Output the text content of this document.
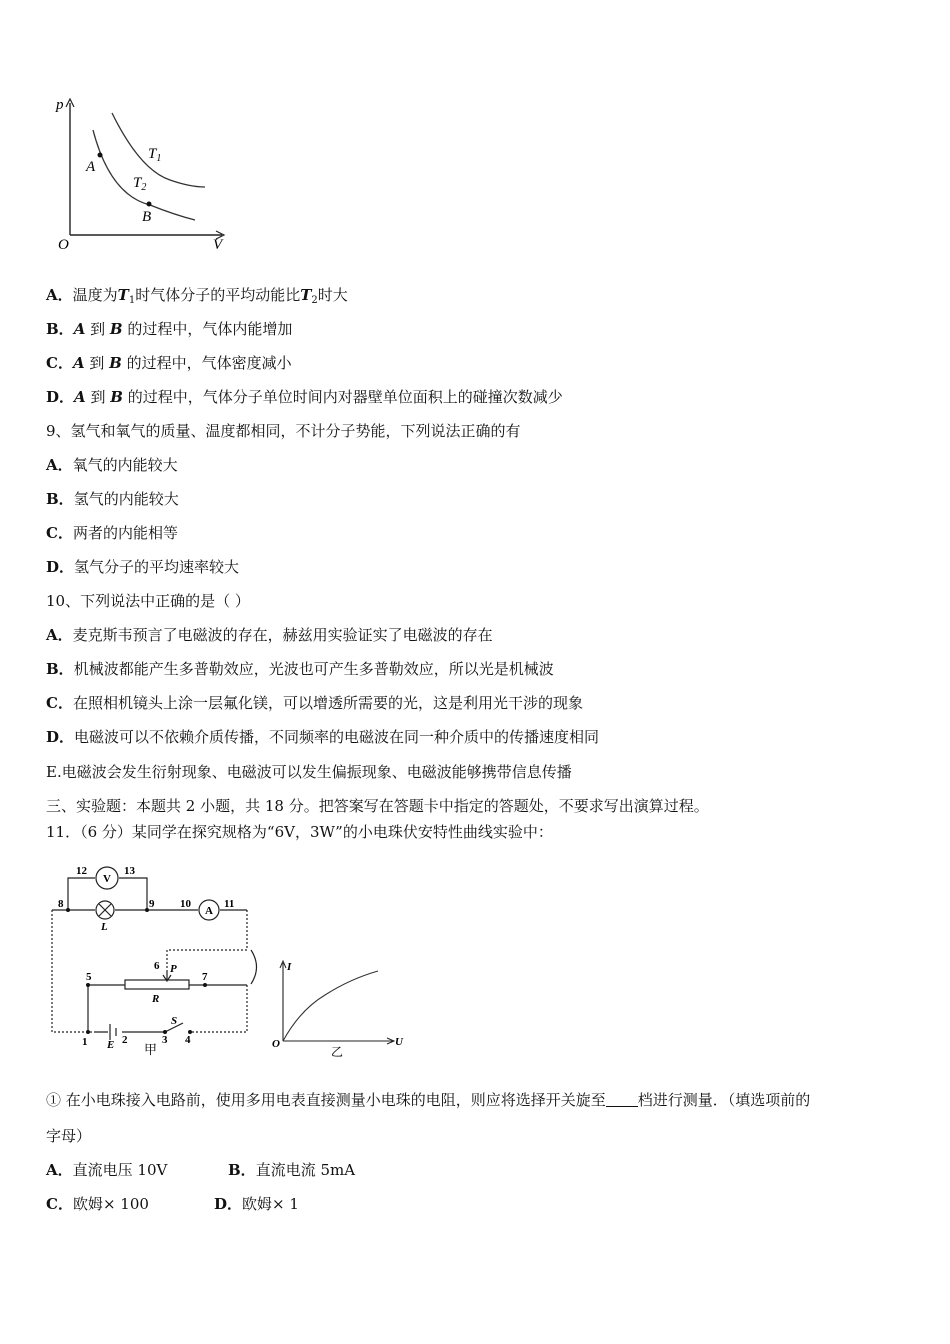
p
V
O
A
B
$T_1$
$T_2$
A．温度为$T_1$时气体分子的平均动能比$T_2$时大
B．A 到 B 的过程中，气体内能增加
C．A 到 B 的过程中，气体密度减小
D．A 到 B 的过程中，气体分子单位时间内对器壁单位面积上的碰撞次数减少
9、氢气和氧气的质量、温度都相同，不计分子势能，下列说法正确的有
A．氧气的内能较大
B．氢气的内能较大
C．两者的内能相等
D．氢气分子的平均速率较大
10、下列说法中正确的是（ ）
A．麦克斯韦预言了电磁波的存在，赫兹用实验证实了电磁波的存在
B．机械波都能产生多普勒效应，光波也可产生多普勒效应，所以光是机械波
C．在照相机镜头上涂一层氟化镁，可以增透所需要的光，这是利用光干涉的现象
D．电磁波可以不依赖介质传播，不同频率的电磁波在同一种介质中的传播速度相同
E.电磁波会发生衍射现象、电磁波可以发生偏振现象、电磁波能够携带信息传播
三、实验题：本题共 2 小题，共 18 分。把答案写在答题卡中指定的答题处，不要求写出演算过程。
11．（6 分）某同学在探究规格为“6V，3W”的小电珠伏安特性曲线实验中：
12	13
V
8	9 10
A
11
L
6 P
5	7
R
S
1 E 2	3 4
甲
I
U
O
乙
① 在小电珠接入电路前，使用多用电表直接测量小电珠的电阻，则应将选择开关旋至 档进行测量．（填选项前的
字母）
A．直流电压 10V	B．直流电流 5mA
C．欧姆× 100	D．欧姆× 1
